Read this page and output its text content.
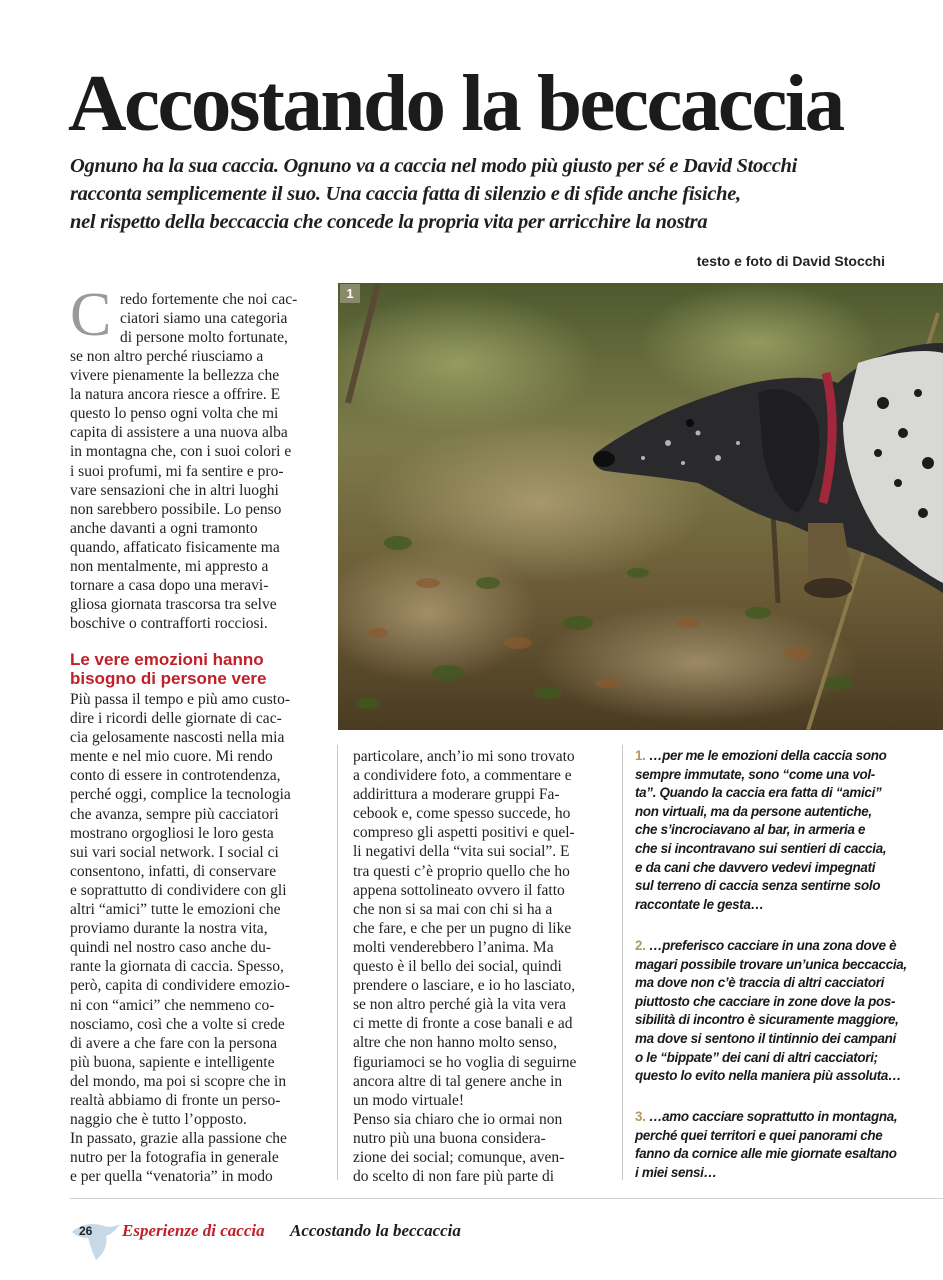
Accostando la beccaccia
Ognuno ha la sua caccia. Ognuno va a caccia nel modo più giusto per sé e David Stocchi
racconta semplicemente il suo. Una caccia fatta di silenzio e di sfide anche fisiche,
nel rispetto della beccaccia che concede la propria vita per arricchire la nostra
testo e foto di David Stocchi
C redo fortemente che noi cac-
ciatori siamo una categoria
di persone molto fortunate,
se non altro perché riusciamo a
vivere pienamente la bellezza che
la natura ancora riesce a offrire. E
questo lo penso ogni volta che mi
capita di assistere a una nuova alba
in montagna che, con i suoi colori e
i suoi profumi, mi fa sentire e pro-
vare sensazioni che in altri luoghi
non sarebbero possibile. Lo penso
anche davanti a ogni tramonto
quando, affaticato fisicamente ma
non mentalmente, mi appresto a
tornare a casa dopo una meravi-
gliosa giornata trascorsa tra selve
boschive o contrafforti rocciosi.
Le vere emozioni hanno
bisogno di persone vere
Più passa il tempo e più amo custo-
dire i ricordi delle giornate di cac-
cia gelosamente nascosti nella mia
mente e nel mio cuore. Mi rendo
conto di essere in controtendenza,
perché oggi, complice la tecnologia
che avanza, sempre più cacciatori
mostrano orgogliosi le loro gesta
sui vari social network. I social ci
consentono, infatti, di conservare
e soprattutto di condividere con gli
altri “amici” tutte le emozioni che
proviamo durante la nostra vita,
quindi nel nostro caso anche du-
rante la giornata di caccia. Spesso,
però, capita di condividere emozio-
ni con “amici” che nemmeno co-
nosciamo, così che a volte si crede
di avere a che fare con la persona
più buona, sapiente e intelligente
del mondo, ma poi si scopre che in
realtà abbiamo di fronte un perso-
naggio che è tutto l’opposto.
In passato, grazie alla passione che
nutro per la fotografia in generale
e per quella “venatoria” in modo
particolare, anch’io mi sono trovato
a condividere foto, a commentare e
addirittura a moderare gruppi Fa-
cebook e, come spesso succede, ho
compreso gli aspetti positivi e quel-
li negativi della “vita sui social”. E
tra questi c’è proprio quello che ho
appena sottolineato ovvero il fatto
che non si sa mai con chi si ha a
che fare, e che per un pugno di like
molti venderebbero l’anima. Ma
questo è il bello dei social, quindi
prendere o lasciare, e io ho lasciato,
se non altro perché già la vita vera
ci mette di fronte a cose banali e ad
altre che non hanno molto senso,
figuriamoci se ho voglia di seguirne
ancora altre di tal genere anche in
un modo virtuale!
Penso sia chiaro che io ormai non
nutro più una buona considera-
zione dei social; comunque, aven-
do scelto di non fare più parte di
1
1. …per me le emozioni della caccia sono
sempre immutate, sono “come una vol-
ta”. Quando la caccia era fatta di “amici”
non virtuali, ma da persone autentiche,
che s’incrociavano al bar, in armeria e
che si incontravano sui sentieri di caccia,
e da cani che davvero vedevi impegnati
sul terreno di caccia senza sentirne solo
raccontate le gesta…
2. …preferisco cacciare in una zona dove è
magari possibile trovare un’unica beccaccia,
ma dove non c’è traccia di altri cacciatori
piuttosto che cacciare in zone dove la pos-
sibilità di incontro è sicuramente maggiore,
ma dove si sentono il tintinnio dei campani
o le “bippate” dei cani di altri cacciatori;
questo lo evito nella maniera più assoluta…
3. …amo cacciare soprattutto in montagna,
perché quei territori e quei panorami che
fanno da cornice alle mie giornate esaltano
i miei sensi…
26 Esperienze di caccia Accostando la beccaccia
